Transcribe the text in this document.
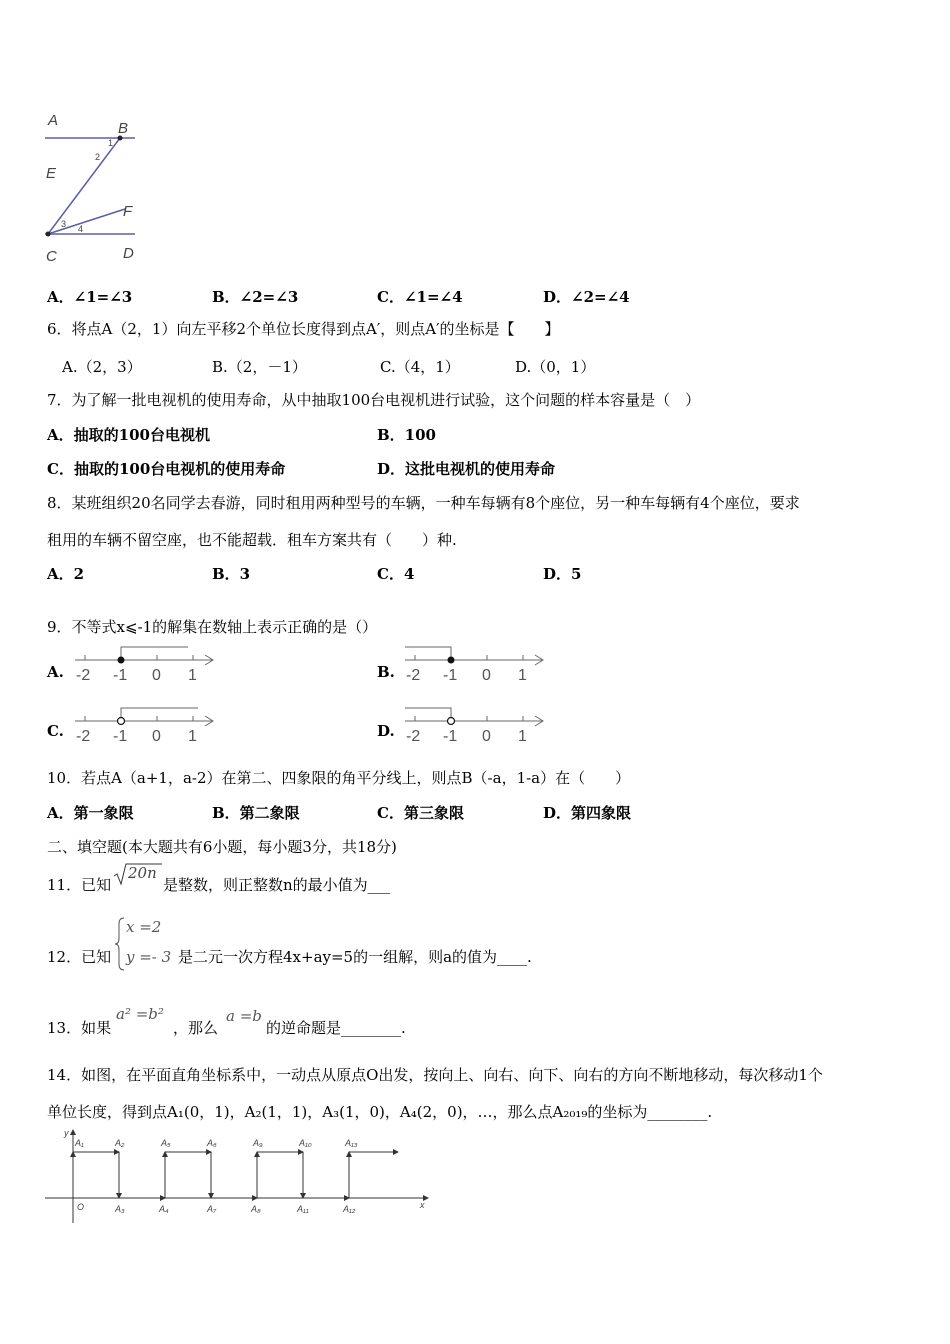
A	B
E
F
C	D
1
2
3 4
A．∠1=∠3	B．∠2=∠3	C．∠1=∠4	D．∠2=∠4
6．将点A（2，1）向左平移2个单位长度得到点A′，则点A′的坐标是【　　】
A.（2，3）	B.（2，－1）	C.（4，1）	D.（0，1）
7．为了解一批电视机的使用寿命，从中抽取100台电视机进行试验，这个问题的样本容量是（　）
A．抽取的100台电视机	B．100
C．抽取的100台电视机的使用寿命	D．这批电视机的使用寿命
8．某班组织20名同学去春游，同时租用两种型号的车辆，一种车每辆有8个座位，另一种车每辆有4个座位，要求
租用的车辆不留空座，也不能超载．租车方案共有（　　）种.
A．2	B．3	C．4	D．5
9．不等式x⩽-1的解集在数轴上表示正确的是（）
A. -2 -1 0 1	B. -2 -1 0 1
C. -2 -1 0 1	D. -2 -1 0 1
10．若点A（a+1，a-2）在第二、四象限的角平分线上，则点B（-a，1-a）在（　　）
A．第一象限	B．第二象限	C．第三象限	D．第四象限
二、填空题(本大题共有6小题，每小题3分，共18分)
11．已知
20n
是整数，则正整数n的最小值为___
12．已知
x =2
y =- 3 是二元一次方程4x+ay=5的一组解，则a的值为____.
13．如果
a² =b²
，那么
a =b
的逆命题是________.
14．如图，在平面直角坐标系中，一动点从原点O出发，按向上、向右、向下、向右的方向不断地移动，每次移动1个
单位长度，得到点A₁(0，1)，A₂(1，1)，A₃(1，0)，A₄(2，0)，…，那么点A₂₀₁₉的坐标为________.
y
x
O
A₁	A₂	A₅	A₆	A₉	A₁₀	A₁₃
A₃	A₄	A₇	A₈	A₁₁	A₁₂
